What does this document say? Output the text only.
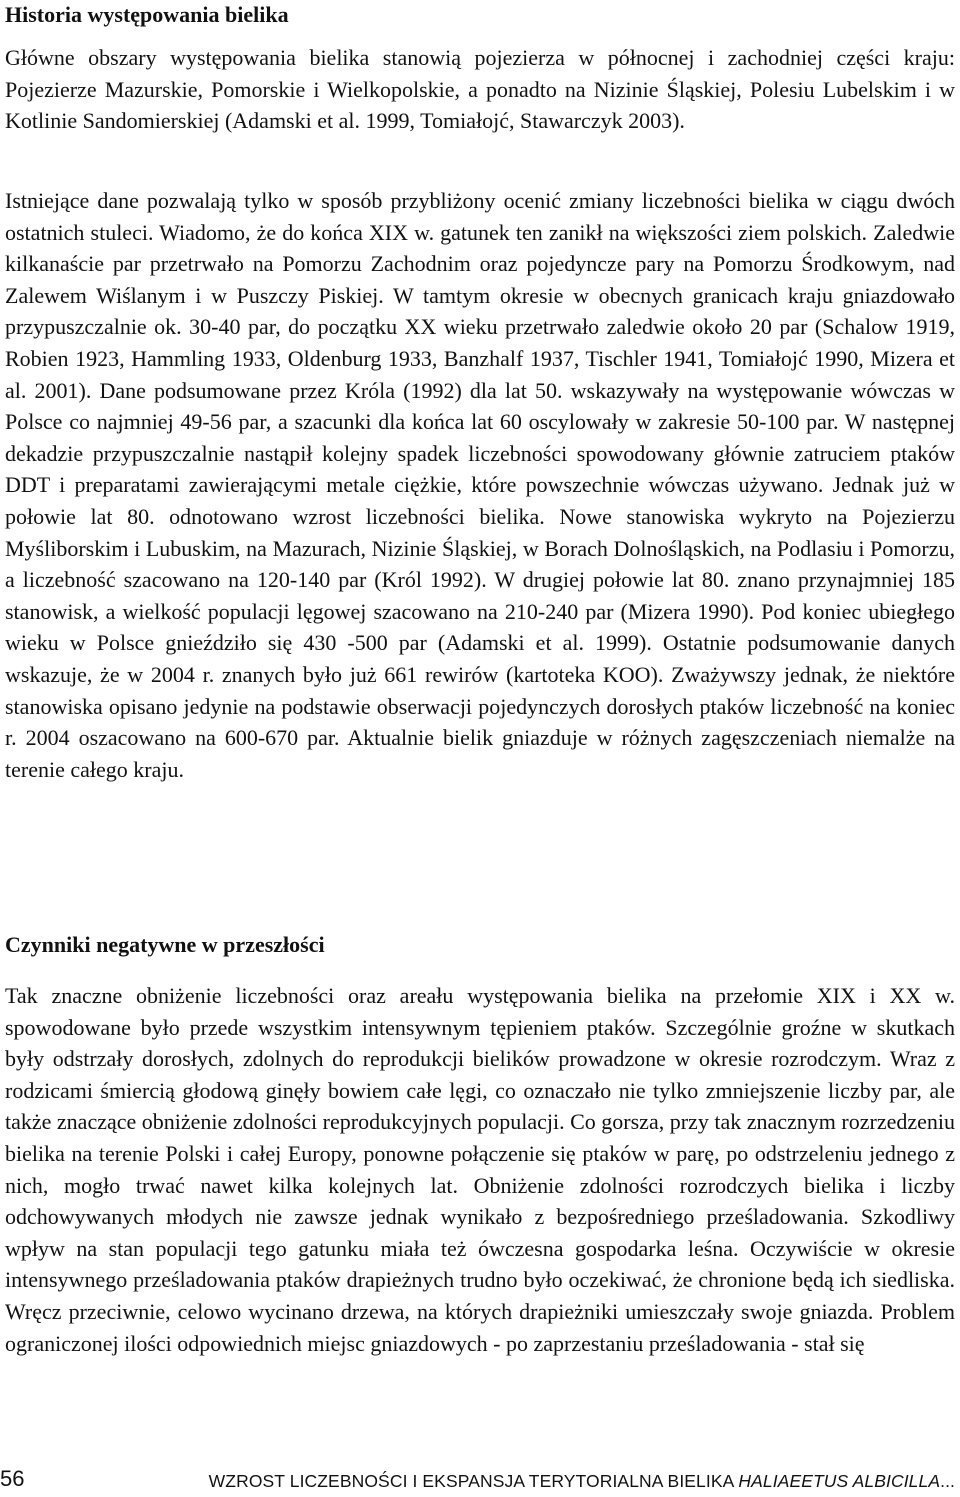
Historia występowania bielika

Główne obszary występowania bielika stanowią pojezierza w północnej i zachodniej części kraju: Pojezierze Mazurskie, Pomorskie i Wielkopolskie, a ponadto na Nizinie Śląskiej, Polesiu Lubelskim i w Kotlinie Sandomierskiej (Adamski et al. 1999, Tomiałojć, Stawarczyk 2003).

Istniejące dane pozwalają tylko w sposób przybliżony ocenić zmiany liczebności bielika w ciągu dwóch ostatnich stuleci. Wiadomo, że do końca XIX w. gatunek ten zanikł na większości ziem polskich. Zaledwie kilkanaście par przetrwało na Pomorzu Zachodnim oraz pojedyncze pary na Pomorzu Środkowym, nad Zalewem Wiślanym i w Puszczy Piskiej. W tamtym okresie w obecnych granicach kraju gniazdowało przypuszczalnie ok. 30-40 par, do początku XX wieku przetrwało zaledwie około 20 par (Schalow 1919, Robien 1923, Hammling 1933, Oldenburg 1933, Banzhalf 1937, Tischler 1941, Tomiałojć 1990, Mizera et al. 2001). Dane podsumowane przez Króla (1992) dla lat 50. wskazywały na występowanie wówczas w Polsce co najmniej 49-56 par, a szacunki dla końca lat 60 oscylowały w zakresie 50-100 par. W następnej dekadzie przypuszczalnie nastąpił kolejny spadek liczebności spowodowany głównie zatruciem ptaków DDT i preparatami zawierającymi metale ciężkie, które powszechnie wówczas używano. Jednak już w połowie lat 80. odnotowano wzrost liczebności bielika. Nowe stanowiska wykryto na Pojezierzu Myśliborskim i Lubuskim, na Mazurach, Nizinie Śląskiej, w Borach Dolnośląskich, na Podlasiu i Pomorzu, a liczebność szacowano na 120-140 par (Król 1992). W drugiej połowie lat 80. znano przynajmniej 185 stanowisk, a wielkość populacji lęgowej szacowano na 210-240 par (Mizera 1990). Pod koniec ubiegłego wieku w Polsce gnieździło się 430 -500 par (Adamski et al. 1999). Ostatnie podsumowanie danych wskazuje, że w 2004 r. znanych było już 661 rewirów (kartoteka KOO). Zważywszy jednak, że niektóre stanowiska opisano jedynie na podstawie obserwacji pojedynczych dorosłych ptaków liczebność na koniec r. 2004 oszacowano na 600-670 par. Aktualnie bielik gniazduje w różnych zagęszczeniach niemalże na terenie całego kraju.

Czynniki negatywne w przeszłości

Tak znaczne obniżenie liczebności oraz areału występowania bielika na przełomie XIX i XX w. spowodowane było przede wszystkim intensywnym tępieniem ptaków. Szczególnie groźne w skutkach były odstrzały dorosłych, zdolnych do reprodukcji bielików prowadzone w okresie rozrodczym. Wraz z rodzicami śmiercią głodową ginęły bowiem całe lęgi, co oznaczało nie tylko zmniejszenie liczby par, ale także znaczące obniżenie zdolności reprodukcyjnych populacji. Co gorsza, przy tak znacznym rozrzedzeniu bielika na terenie Polski i całej Europy, ponowne połączenie się ptaków w parę, po odstrzeleniu jednego z nich, mogło trwać nawet kilka kolejnych lat. Obniżenie zdolności rozrodczych bielika i liczby odchowywanych młodych nie zawsze jednak wynikało z bezpośredniego prześladowania. Szkodliwy wpływ na stan populacji tego gatunku miała też ówczesna gospodarka leśna. Oczywiście w okresie intensywnego prześladowania ptaków drapieżnych trudno było oczekiwać, że chronione będą ich siedliska. Wręcz przeciwnie, celowo wycinano drzewa, na których drapieżniki umieszczały swoje gniazda. Problem ograniczonej ilości odpowiednich miejsc gniazdowych - po zaprzestaniu prześladowania - stał się

56	WZROST LICZEBNOŚCI I EKSPANSJA TERYTORIALNA BIELIKA HALIAEETUS ALBICILLA...
